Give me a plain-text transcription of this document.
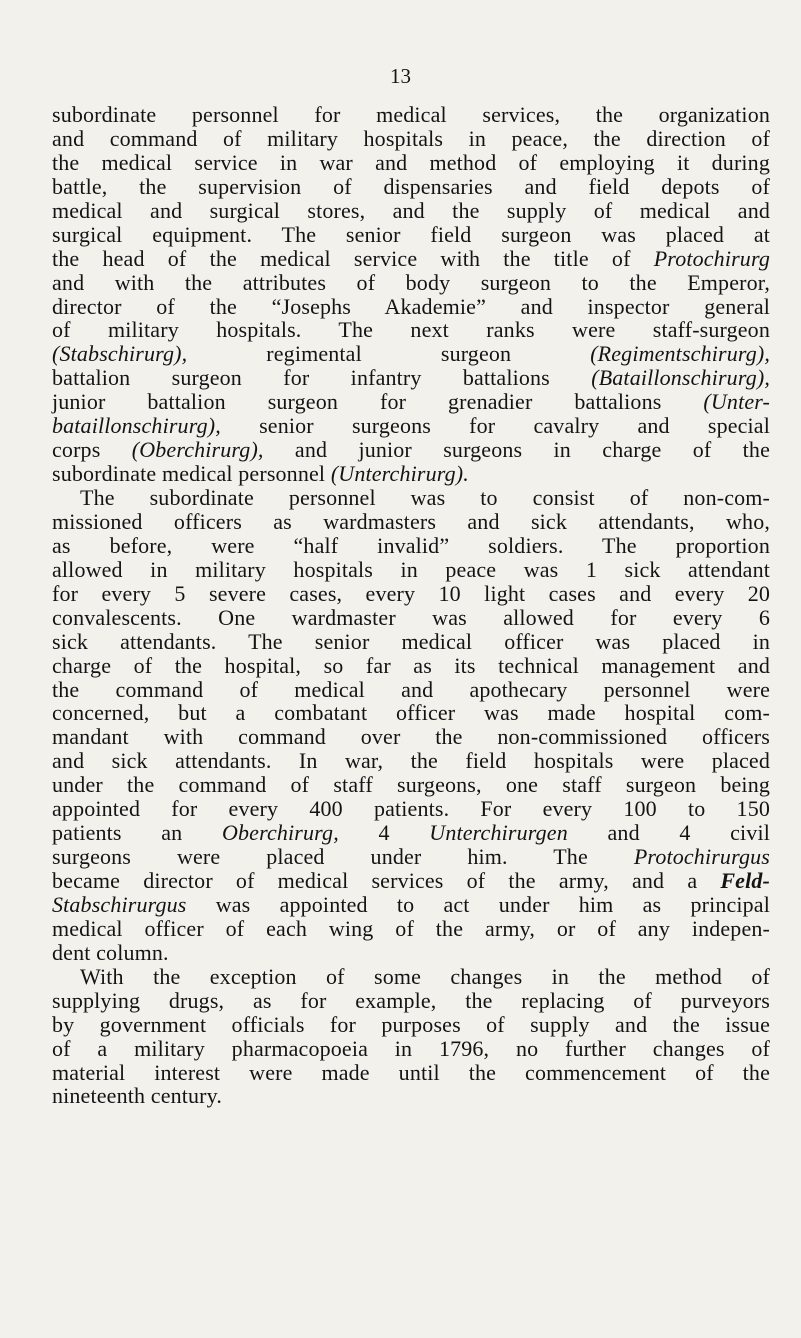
13
subordinate personnel for medical services, the organization
and command of military hospitals in peace, the direction of
the medical service in war and method of employing it during
battle, the supervision of dispensaries and field depots of
medical and surgical stores, and the supply of medical and
surgical equipment. The senior field surgeon was placed at
the head of the medical service with the title of Protochirurg
and with the attributes of body surgeon to the Emperor,
director of the “Josephs Akademie” and inspector general
of military hospitals. The next ranks were staff-surgeon
(Stabschirurg),	regimental surgeon	(Regimentschirurg),
battalion surgeon for infantry battalions (Bataillonschirurg),
junior battalion surgeon for grenadier battalions (Unter-
bataillonschirurg), senior surgeons for cavalry and special
corps (Oberchirurg), and junior surgeons in charge of the
subordinate medical personnel (Unterchirurg).
The subordinate personnel was to consist of non-com-
missioned officers as wardmasters and sick attendants, who,
as before, were “half invalid” soldiers. The proportion
allowed in military hospitals in peace was 1 sick attendant
for every 5 severe cases, every 10 light cases and every 20
convalescents. One wardmaster was allowed for every 6
sick attendants. The senior medical officer was placed in
charge of the hospital, so far as its technical management and
the command of medical and apothecary personnel were
concerned, but a combatant officer was made hospital com-
mandant with command over the non-commissioned officers
and sick attendants. In war, the field hospitals were placed
under the command of staff surgeons, one staff surgeon being
appointed for every 400 patients. For every 100 to 150
patients an Oberchirurg, 4 Unterchirurgen and 4 civil
surgeons were placed under him. The Protochirurgus
became director of medical services of the army, and a Feld-
Stabschirurgus was appointed to act under him as principal
medical officer of each wing of the army, or of any indepen-
dent column.
With the exception of some changes in the method of
supplying drugs, as for example, the replacing of purveyors
by government officials for purposes of supply and the issue
of a military pharmacopoeia in 1796, no further changes of
material interest were made until the commencement of the
nineteenth century.
